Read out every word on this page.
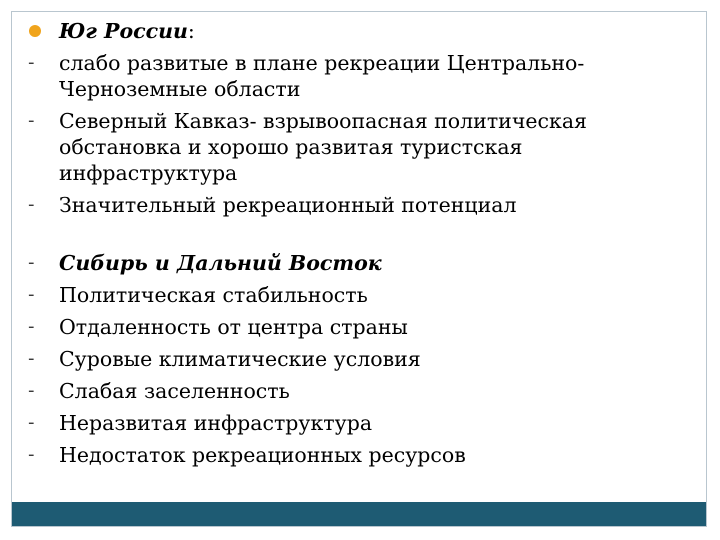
Юг России:
-	слабо развитые в плане рекреации Центрально-Черноземные области
-	Северный Кавказ- взрывоопасная политическая обстановка и хорошо развитая туристская инфраструктура
-	Значительный рекреационный потенциал
-	Сибирь и Дальний Восток
-	Политическая стабильность
-	Отдаленность от центра страны
-	Суровые климатические условия
-	Слабая заселенность
-	Неразвитая инфраструктура
-	Недостаток рекреационных ресурсов
